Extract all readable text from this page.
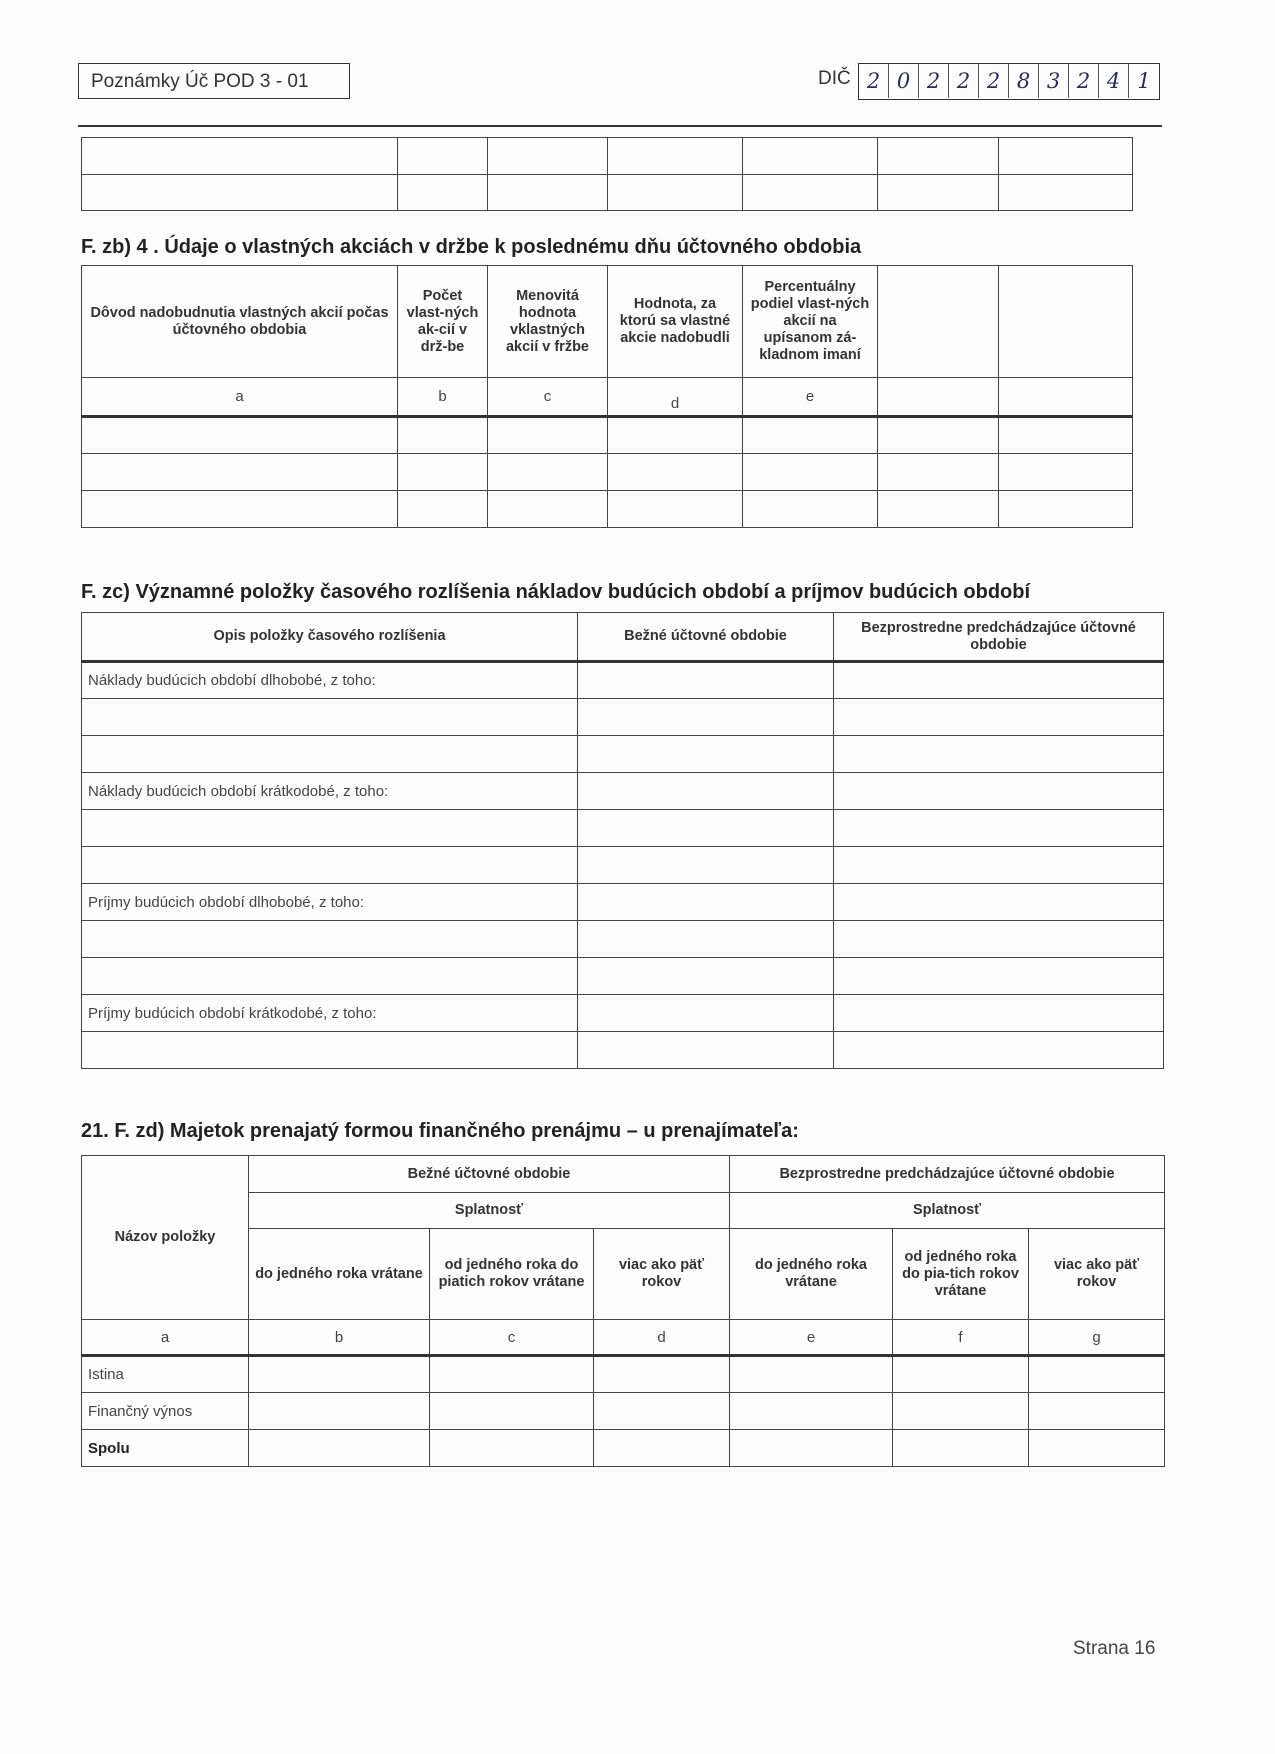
Poznámky Úč POD 3 - 01	DIČ 2 0 2 2 2 8 3 2 4 1

F. zb) 4 . Údaje o vlastných akciách v držbe k poslednému dňu účtovného obdobia
Dôvod nadobudnutia vlastných akcií počas účtovného obdobia	Počet vlast-ných ak-cií v drž-be	Menovitá hodnota vklastných akcií v fržbe	Hodnota, za ktorú sa vlastné akcie nadobudli	Percentuálny podiel vlast-ných akcií na upísanom zá-kladnom imaní		
a	b	c	d	e		

F. zc) Významné položky časového rozlíšenia nákladov budúcich období a príjmov budúcich období
Opis položky časového rozlíšenia	Bežné účtovné obdobie	Bezprostredne predchádzajúce účtovné obdobie
Náklady budúcich období dlhobobé, z toho:		

Náklady budúcich období krátkodobé, z toho:		

Príjmy budúcich období dlhobobé, z toho:		

Príjmy budúcich období krátkodobé, z toho:		

21. F. zd) Majetok prenajatý formou finančného prenájmu – u prenajímateľa:
Názov položky	Bežné účtovné obdobie			Bezprostredne predchádzajúce účtovné obdobie		
	Splatnosť			Splatnosť		
	do jedného roka vrátane	od jedného roka do piatich rokov vrátane	viac ako päť rokov	do jedného roka vrátane	od jedného roka do pia-tich rokov vrátane	viac ako päť rokov
a	b	c	d	e	f	g
Istina						
Finančný výnos						
Spolu						
Strana 16
